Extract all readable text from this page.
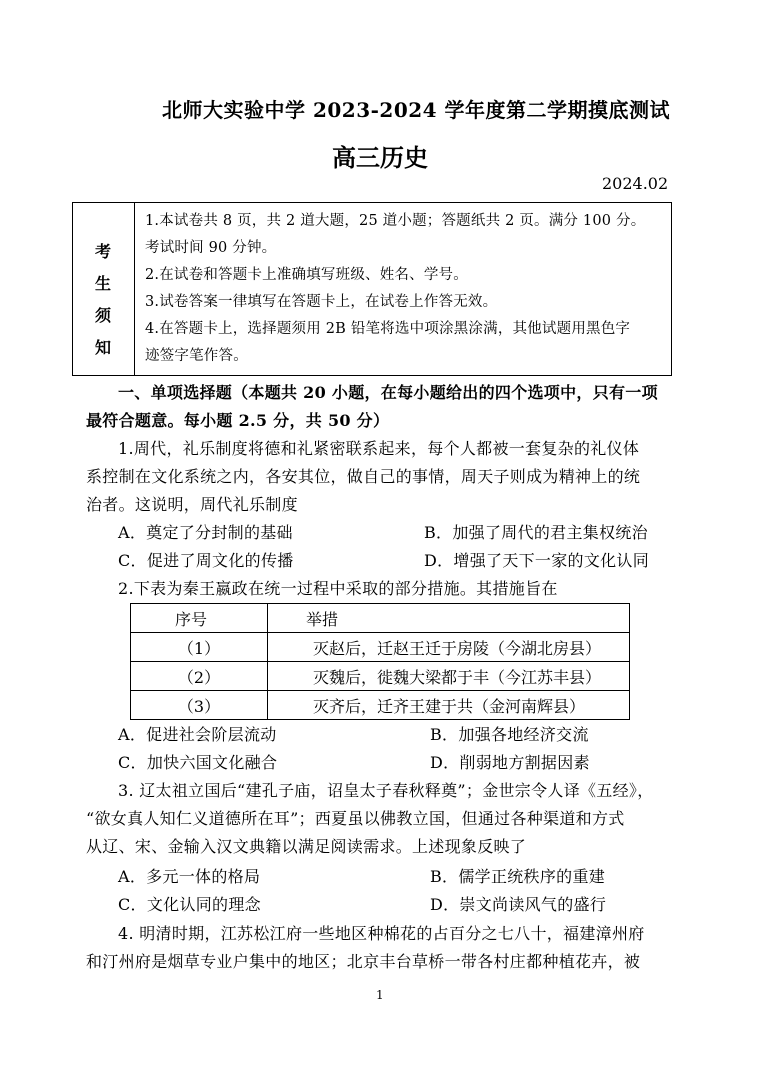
北师大实验中学 2023-2024 学年度第二学期摸底测试
高三历史
2024.02
考
生
须
知
1.本试卷共 8 页，共 2 道大题，25 道小题；答题纸共 2 页。满分 100 分。
考试时间 90 分钟。
2.在试卷和答题卡上准确填写班级、姓名、学号。
3.试卷答案一律填写在答题卡上，在试卷上作答无效。
4.在答题卡上，选择题须用 2B 铅笔将选中项涂黑涂满，其他试题用黑色字
迹签字笔作答。
一、单项选择题（本题共 20 小题，在每小题给出的四个选项中，只有一项
最符合题意。每小题 2.5 分，共 50 分）
1.周代，礼乐制度将德和礼紧密联系起来，每个人都被一套复杂的礼仪体
系控制在文化系统之内，各安其位，做自己的事情，周天子则成为精神上的统
治者。这说明，周代礼乐制度
A．奠定了分封制的基础	B．加强了周代的君主集权统治
C．促进了周文化的传播	D．增强了天下一家的文化认同
2.下表为秦王嬴政在统一过程中采取的部分措施。其措施旨在
序号	举措
（1）	灭赵后，迁赵王迁于房陵（今湖北房县）
（2）	灭魏后，徙魏大梁都于丰（今江苏丰县）
（3）	灭齐后，迁齐王建于共（金河南辉县）
A．促进社会阶层流动	B．加强各地经济交流
C．加快六国文化融合	D．削弱地方割据因素
3. 辽太祖立国后“建孔子庙，诏皇太子春秋释奠”；金世宗令人译《五经》，
“欲女真人知仁义道德所在耳”；西夏虽以佛教立国，但通过各种渠道和方式
从辽、宋、金输入汉文典籍以满足阅读需求。上述现象反映了
A．多元一体的格局	B．儒学正统秩序的重建
C．文化认同的理念	D．崇文尚读风气的盛行
4. 明清时期，江苏松江府一些地区种棉花的占百分之七八十，福建漳州府
和汀州府是烟草专业户集中的地区；北京丰台草桥一带各村庄都种植花卉，被
1
